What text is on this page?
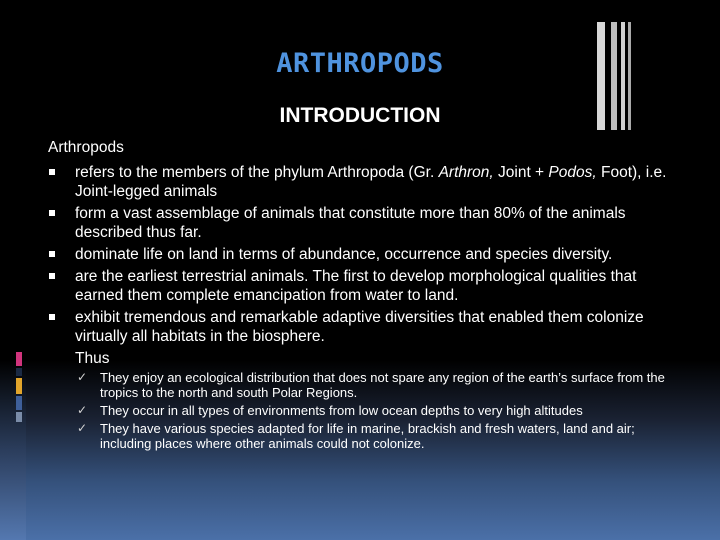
ARTHROPODS
INTRODUCTION
Arthropods
refers to the members of the phylum Arthropoda (Gr. Arthron, Joint + Podos, Foot), i.e. Joint-legged animals
form a vast assemblage of animals that constitute more than 80% of the animals described thus far.
dominate life on land in terms of abundance, occurrence and species diversity.
are the earliest terrestrial animals. The first to develop morphological qualities that earned them complete emancipation from water to land.
exhibit tremendous and remarkable adaptive diversities that enabled them colonize virtually all habitats in the biosphere.
Thus
✓ They enjoy an ecological distribution that does not spare any region of the earth’s surface from the tropics to the north and south Polar Regions.
✓ They occur in all types of environments from low ocean depths to very high altitudes
✓ They have various species adapted for life in marine, brackish and fresh waters, land and air; including places where other animals could not colonize.
